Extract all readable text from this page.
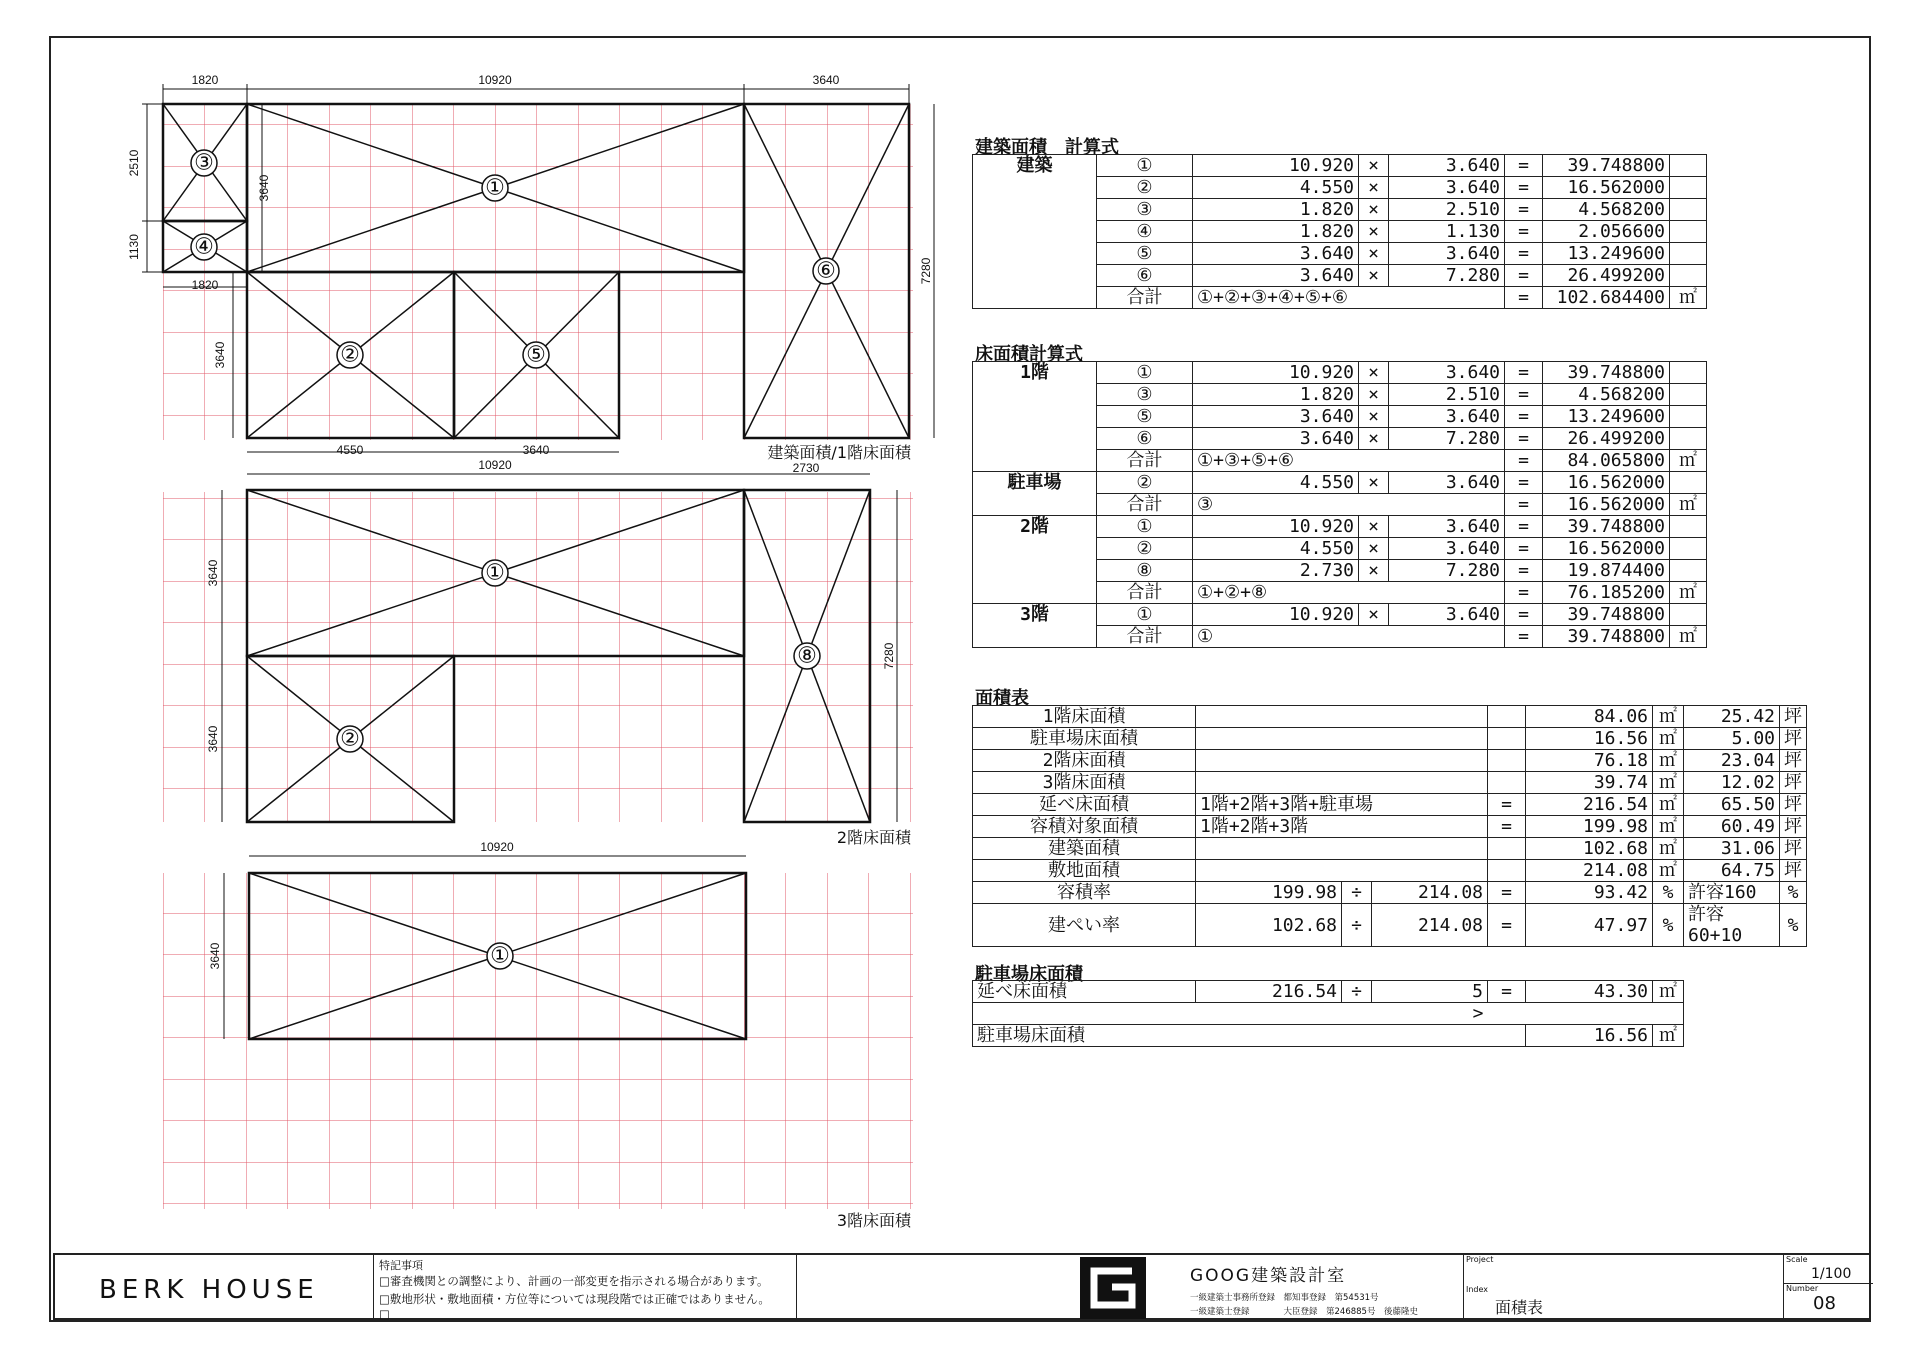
1820	10920	3640
2510
1130
1820
3640
3640
7280
4550	3640
10920	2730
3640
3640
7280
10920
3640
③
④
①
②	⑤
⑥
①
②
⑧
①
建築面積/1階床面積
2階床面積
3階床面積
建築面積　計算式
建築	①	10.920	×	3.640	=	39.748800	
	②	4.550	×	3.640	=	16.562000	
	③	1.820	×	2.510	=	4.568200	
	④	1.820	×	1.130	=	2.056600	
	⑤	3.640	×	3.640	=	13.249600	
	⑥	3.640	×	7.280	=	26.499200	
	合計	①+②+③+④+⑤+⑥			=	102.684400	㎡
床面積計算式
1階	①	10.920	×	3.640	=	39.748800	
	③	1.820	×	2.510	=	4.568200	
	⑤	3.640	×	3.640	=	13.249600	
	⑥	3.640	×	7.280	=	26.499200	
	合計	①+③+⑤+⑥			=	84.065800	㎡
駐車場	②	4.550	×	3.640	=	16.562000	
	合計	③			=	16.562000	㎡
2階	①	10.920	×	3.640	=	39.748800	
	②	4.550	×	3.640	=	16.562000	
	⑧	2.730	×	7.280	=	19.874400	
	合計	①+②+⑧			=	76.185200	㎡
3階	①	10.920	×	3.640	=	39.748800	
	合計	①			=	39.748800	㎡
面積表
1階床面積					84.06	㎡	25.42	坪
駐車場床面積					16.56	㎡	5.00	坪
2階床面積					76.18	㎡	23.04	坪
3階床面積					39.74	㎡	12.02	坪
延べ床面積	1階+2階+3階+駐車場			=	216.54	㎡	65.50	坪
容積対象面積	1階+2階+3階			=	199.98	㎡	60.49	坪
建築面積					102.68	㎡	31.06	坪
敷地面積					214.08	㎡	64.75	坪
容積率	199.98	÷	214.08	=	93.42	%	許容160	%
建ぺい率	102.68	÷	214.08	=	47.97	%	許容60+10	%
駐車場床面積
延べ床面積	216.54	÷	5	=	43.30	㎡
	>					
駐車場床面積					16.56	㎡
BERK HOUSE
特記事項
□審査機関との調整により、計画の一部変更を指示される場合があります。
□敷地形状・敷地面積・方位等については現段階では正確ではありません。
□
GOOG建築設計室
一級建築士事務所登録　都知事登録　第54531号
一級建築士登録　　　　大臣登録　第246885号　後藤隆史
Project
Index
面積表
Scale
1/100
Number
08
